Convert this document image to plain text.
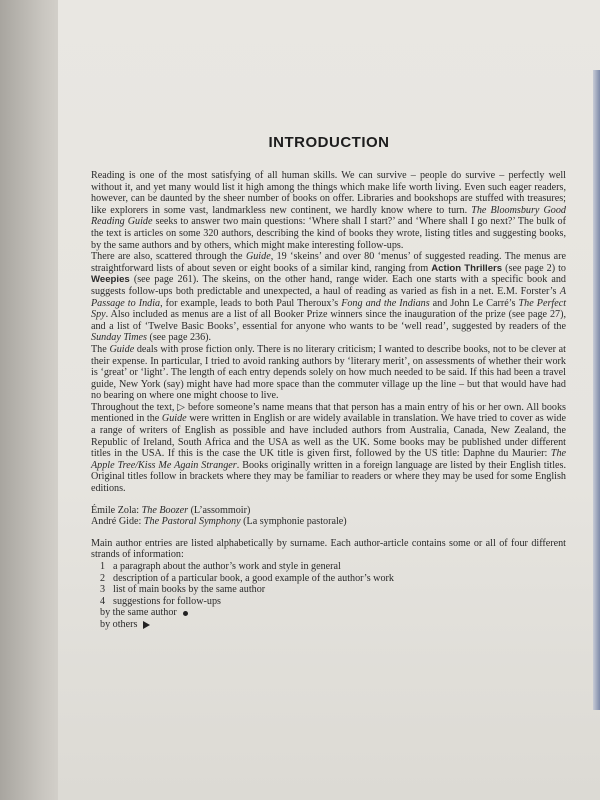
INTRODUCTION

Reading is one of the most satisfying of all human skills. We can survive – people do survive – perfectly well without it, and yet many would list it high among the things which make life worth living. Even such eager readers, however, can be daunted by the sheer number of books on offer. Libraries and bookshops are stuffed with treasures; like explorers in some vast, landmarkless new continent, we hardly know where to turn. The Bloomsbury Good Reading Guide seeks to answer two main questions: ‘Where shall I start?’ and ‘Where shall I go next?’ The bulk of the text is articles on some 320 authors, describing the kind of books they wrote, listing titles and suggesting books, by the same authors and by others, which might make interesting follow-ups.

There are also, scattered through the Guide, 19 ‘skeins’ and over 80 ‘menus’ of suggested reading. The menus are straightforward lists of about seven or eight books of a similar kind, ranging from Action Thrillers (see page 2) to Weepies (see page 261). The skeins, on the other hand, range wider. Each one starts with a specific book and suggests follow-ups both predictable and unexpected, a haul of reading as varied as fish in a net. E.M. Forster’s A Passage to India, for example, leads to both Paul Theroux’s Fong and the Indians and John Le Carré’s The Perfect Spy. Also included as menus are a list of all Booker Prize winners since the inauguration of the prize (see page 27), and a list of ‘Twelve Basic Books’, essential for anyone who wants to be ‘well read’, suggested by readers of the Sunday Times (see page 236).

The Guide deals with prose fiction only. There is no literary criticism; I wanted to describe books, not to be clever at their expense. In particular, I tried to avoid ranking authors by ‘literary merit’, on assessments of whether their work is ‘great’ or ‘light’. The length of each entry depends solely on how much needed to be said. If this had been a travel guide, New York (say) might have had more space than the commuter village up the line – but that would have had no bearing on where one might choose to live.

Throughout the text, ▷ before someone’s name means that that person has a main entry of his or her own. All books mentioned in the Guide were written in English or are widely available in translation. We have tried to cover as wide a range of writers of English as possible and have included authors from Australia, Canada, New Zealand, the Republic of Ireland, South Africa and the USA as well as the UK. Some books may be published under different titles in the USA. If this is the case the UK title is given first, followed by the US title: Daphne du Maurier: The Apple Tree/Kiss Me Again Stranger. Books originally written in a foreign language are listed by their English titles. Original titles follow in brackets where they may be familiar to readers or where they may be used for some English editions.

Émile Zola: The Boozer (L’assommoir)

André Gide: The Pastoral Symphony (La symphonie pastorale)

Main author entries are listed alphabetically by surname. Each author-article contains some or all of four different strands of information:

1 a paragraph about the author’s work and style in general
2 description of a particular book, a good example of the author’s work
3 list of main books by the same author
4 suggestions for follow-ups
by the same author
by others
